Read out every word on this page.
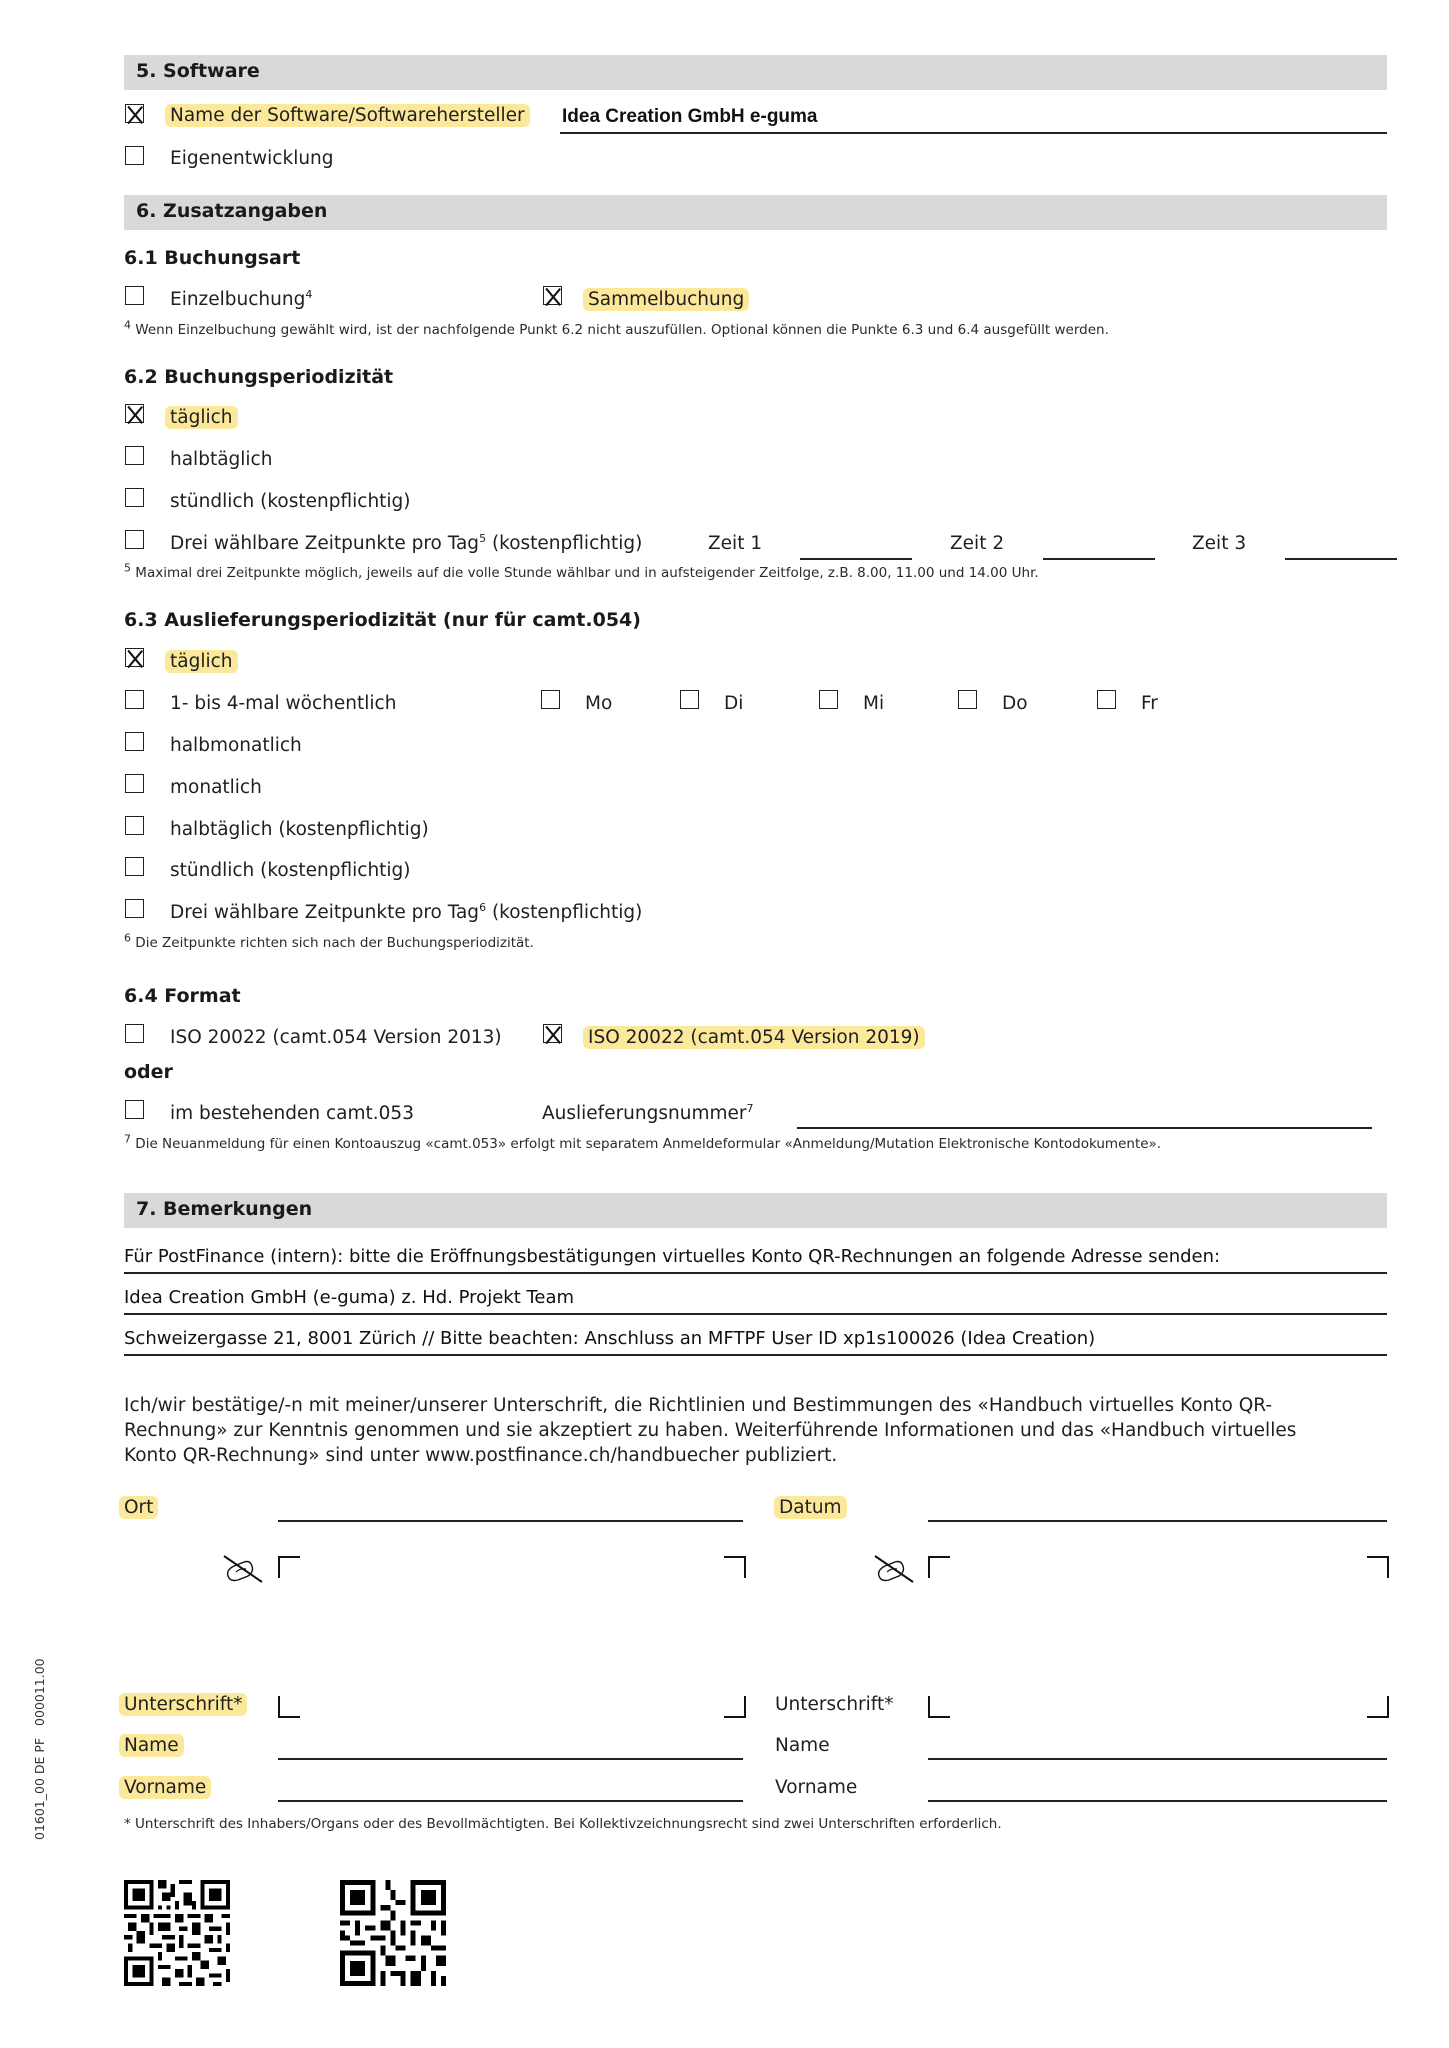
5. Software
Name der Software/Softwarehersteller Idea Creation GmbH e-guma
Eigenentwicklung
6. Zusatzangaben
6.1 Buchungsart
Einzelbuchung$^4$	Sammelbuchung
$^4$ Wenn Einzelbuchung gewählt wird, ist der nachfolgende Punkt 6.2 nicht auszufüllen. Optional können die Punkte 6.3 und 6.4 ausgefüllt werden.
6.2 Buchungsperiodizität
täglich
halbtäglich
stündlich (kostenpflichtig)
Drei wählbare Zeitpunkte pro Tag$^5$ (kostenpflichtig)	Zeit 1	Zeit 2	Zeit 3
$^5$ Maximal drei Zeitpunkte möglich, jeweils auf die volle Stunde wählbar und in aufsteigender Zeitfolge, z.B. 8.00, 11.00 und 14.00 Uhr.
6.3 Auslieferungsperiodizität (nur für camt.054)
täglich
1- bis 4-mal wöchentlich	Mo	Di	Mi	Do	Fr
halbmonatlich
monatlich
halbtäglich (kostenpflichtig)
stündlich (kostenpflichtig)
Drei wählbare Zeitpunkte pro Tag$^6$ (kostenpflichtig)
$^6$ Die Zeitpunkte richten sich nach der Buchungsperiodizität.
6.4 Format
ISO 20022 (camt.054 Version 2013)	ISO 20022 (camt.054 Version 2019)
oder
im bestehenden camt.053	Auslieferungsnummer$^7$
$^7$ Die Neuanmeldung für einen Kontoauszug «camt.053» erfolgt mit separatem Anmeldeformular «Anmeldung/Mutation Elektronische Kontodokumente».
7. Bemerkungen
Für PostFinance (intern): bitte die Eröffnungsbestätigungen virtuelles Konto QR-Rechnungen an folgende Adresse senden:
Idea Creation GmbH (e-guma) z. Hd. Projekt Team
Schweizergasse 21, 8001 Zürich // Bitte beachten: Anschluss an MFTPF User ID xp1s100026 (Idea Creation)
Ich/wir bestätige/-n mit meiner/unserer Unterschrift, die Richtlinien und Bestimmungen des «Handbuch virtuelles Konto QR-Rechnung» zur Kenntnis genommen und sie akzeptiert zu haben. Weiterführende Informationen und das «Handbuch virtuelles Konto QR-Rechnung» sind unter www.postfinance.ch/handbuecher publiziert.
Ort	Datum
Unterschrift*
Name
Vorname
Unterschrift*
Name
Vorname
* Unterschrift des Inhabers/Organs oder des Bevollmächtigten. Bei Kollektivzeichnungsrecht sind zwei Unterschriften erforderlich.
01601_00 DE PF   000011.00
